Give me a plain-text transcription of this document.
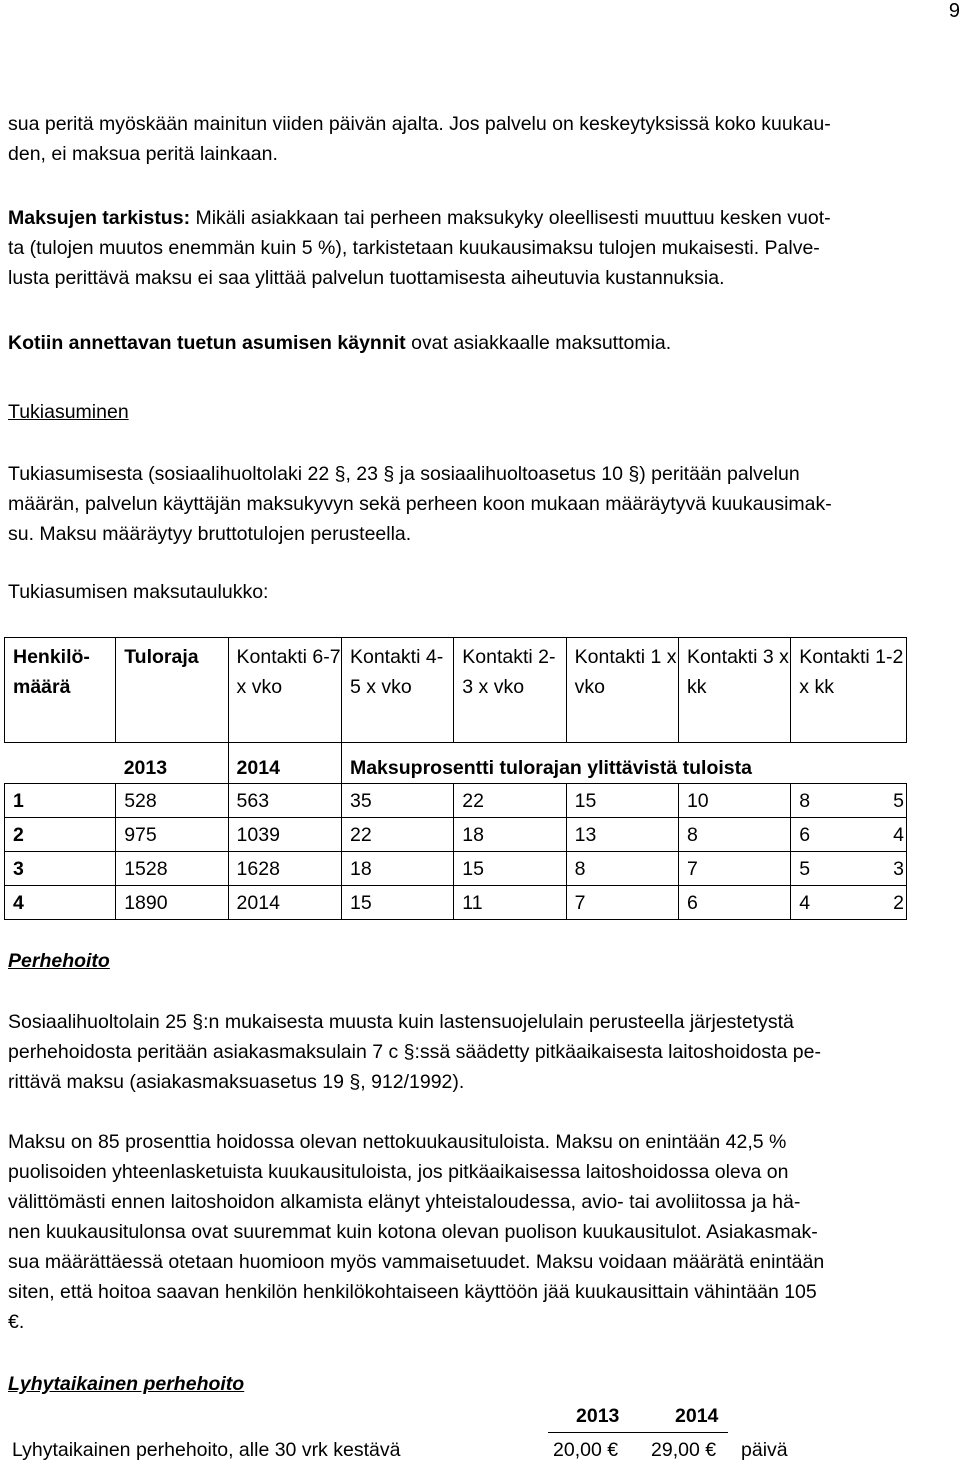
9
sua peritä myöskään mainitun viiden päivän ajalta. Jos palvelu on keskeytyksissä koko kuukau-
den, ei maksua peritä lainkaan.
Maksujen tarkistus: Mikäli asiakkaan tai perheen maksukyky oleellisesti muuttuu kesken vuot-
ta (tulojen muutos enemmän kuin 5 %), tarkistetaan kuukausimaksu tulojen mukaisesti. Palve-
lusta perittävä maksu ei saa ylittää palvelun tuottamisesta aiheutuvia kustannuksia.
Kotiin annettavan tuetun asumisen käynnit ovat asiakkaalle maksuttomia.
Tukiasuminen
Tukiasumisesta (sosiaalihuoltolaki 22 §, 23 § ja sosiaalihuoltoasetus 10 §) peritään palvelun
määrän, palvelun käyttäjän maksukyvyn sekä perheen koon mukaan määräytyvä kuukausimak-
su. Maksu määräytyy bruttotulojen perusteella.
Tukiasumisen maksutaulukko:
Henkilö-määrä	Tuloraja	Kontakti 6-7 x vko	Kontakti 4-5 x vko	Kontakti 2-3 x vko	Kontakti 1 x vko	Kontakti 3 x kk	Kontakti 1-2 x kk
	2013	2014	Maksuprosentti tulorajan ylittävistä tuloista				
1	528	563	35	22	15	10	8 5
2	975	1039	22	18	13	8	6 4
3	1528	1628	18	15	8	7	5 3
4	1890	2014	15	11	7	6	4 2
Perhehoito
Sosiaalihuoltolain 25 §:n mukaisesta muusta kuin lastensuojelulain perusteella järjestetystä
perhehoidosta peritään asiakasmaksulain 7 c §:ssä säädetty pitkäaikaisesta laitoshoidosta pe-
rittävä maksu (asiakasmaksuasetus 19 §, 912/1992).
Maksu on 85 prosenttia hoidossa olevan nettokuukausituloista. Maksu on enintään 42,5 %
puolisoiden yhteenlasketuista kuukausituloista, jos pitkäaikaisessa laitoshoidossa oleva on
välittömästi ennen laitoshoidon alkamista elänyt yhteistaloudessa, avio- tai avoliitossa ja hä-
nen kuukausitulonsa ovat suuremmat kuin kotona olevan puolison kuukausitulot. Asiakasmak-
sua määrättäessä otetaan huomioon myös vammaisetuudet. Maksu voidaan määrätä enintään
siten, että hoitoa saavan henkilön henkilökohtaiseen käyttöön jää kuukausittain vähintään 105
€.
Lyhytaikainen perhehoito
2013	2014
Lyhytaikainen perhehoito, alle 30 vrk kestävä	20,00 € 29,00 € päivä
